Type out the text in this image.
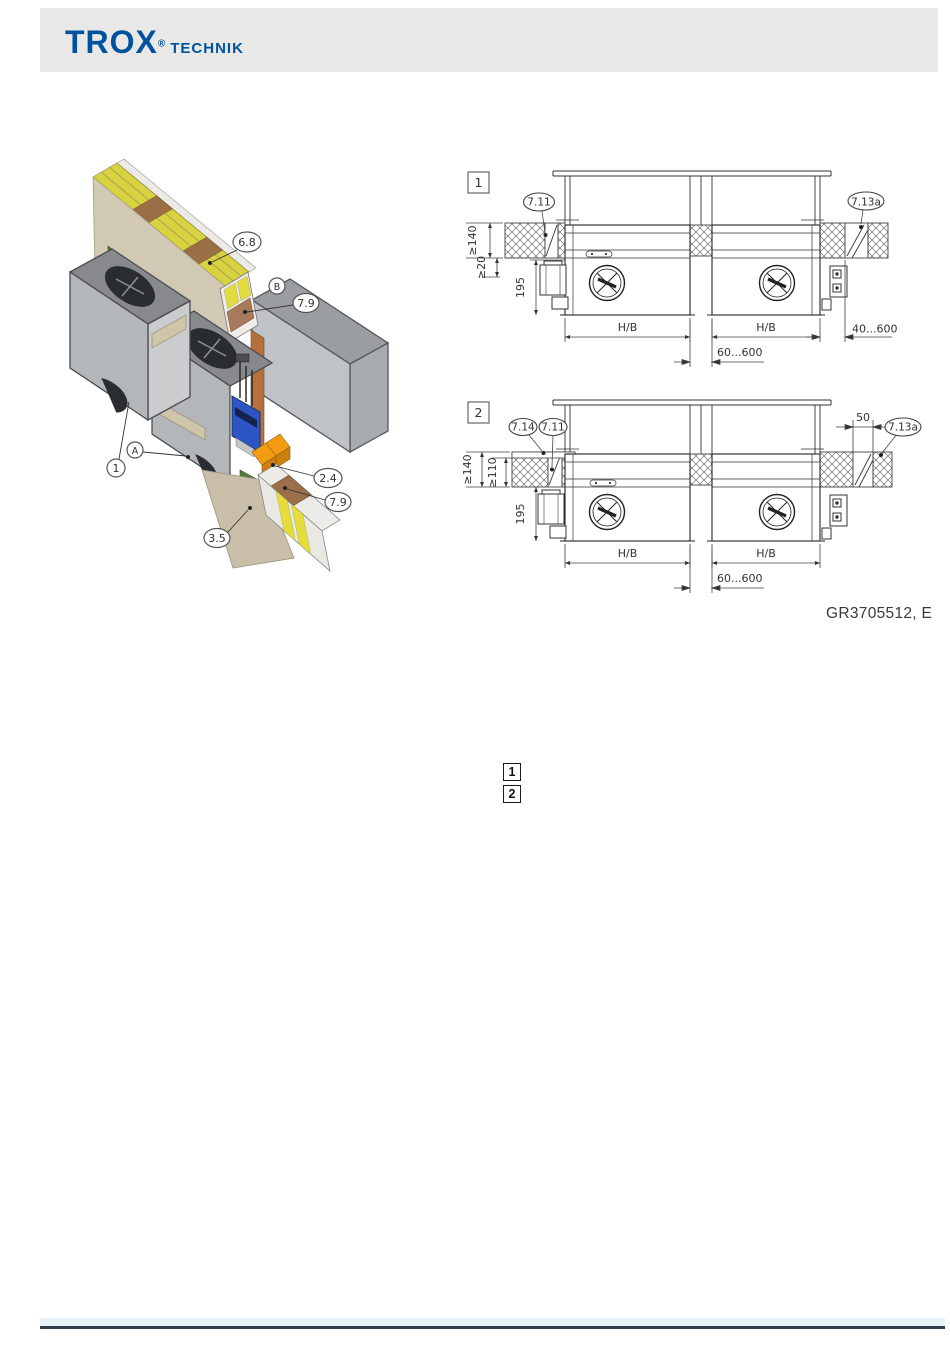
TROX® TECHNIK
6.8
B
7.9
1
A
2.4
7.9
3.5
1
≥140
≥20
195
H/B	H/B	40...600
60...600
7.11	7.13a
2
≥140 ≥110
195
H/B	H/B
60...600
50
7.14 7.11	7.13a
GR3705512, E
1
2
